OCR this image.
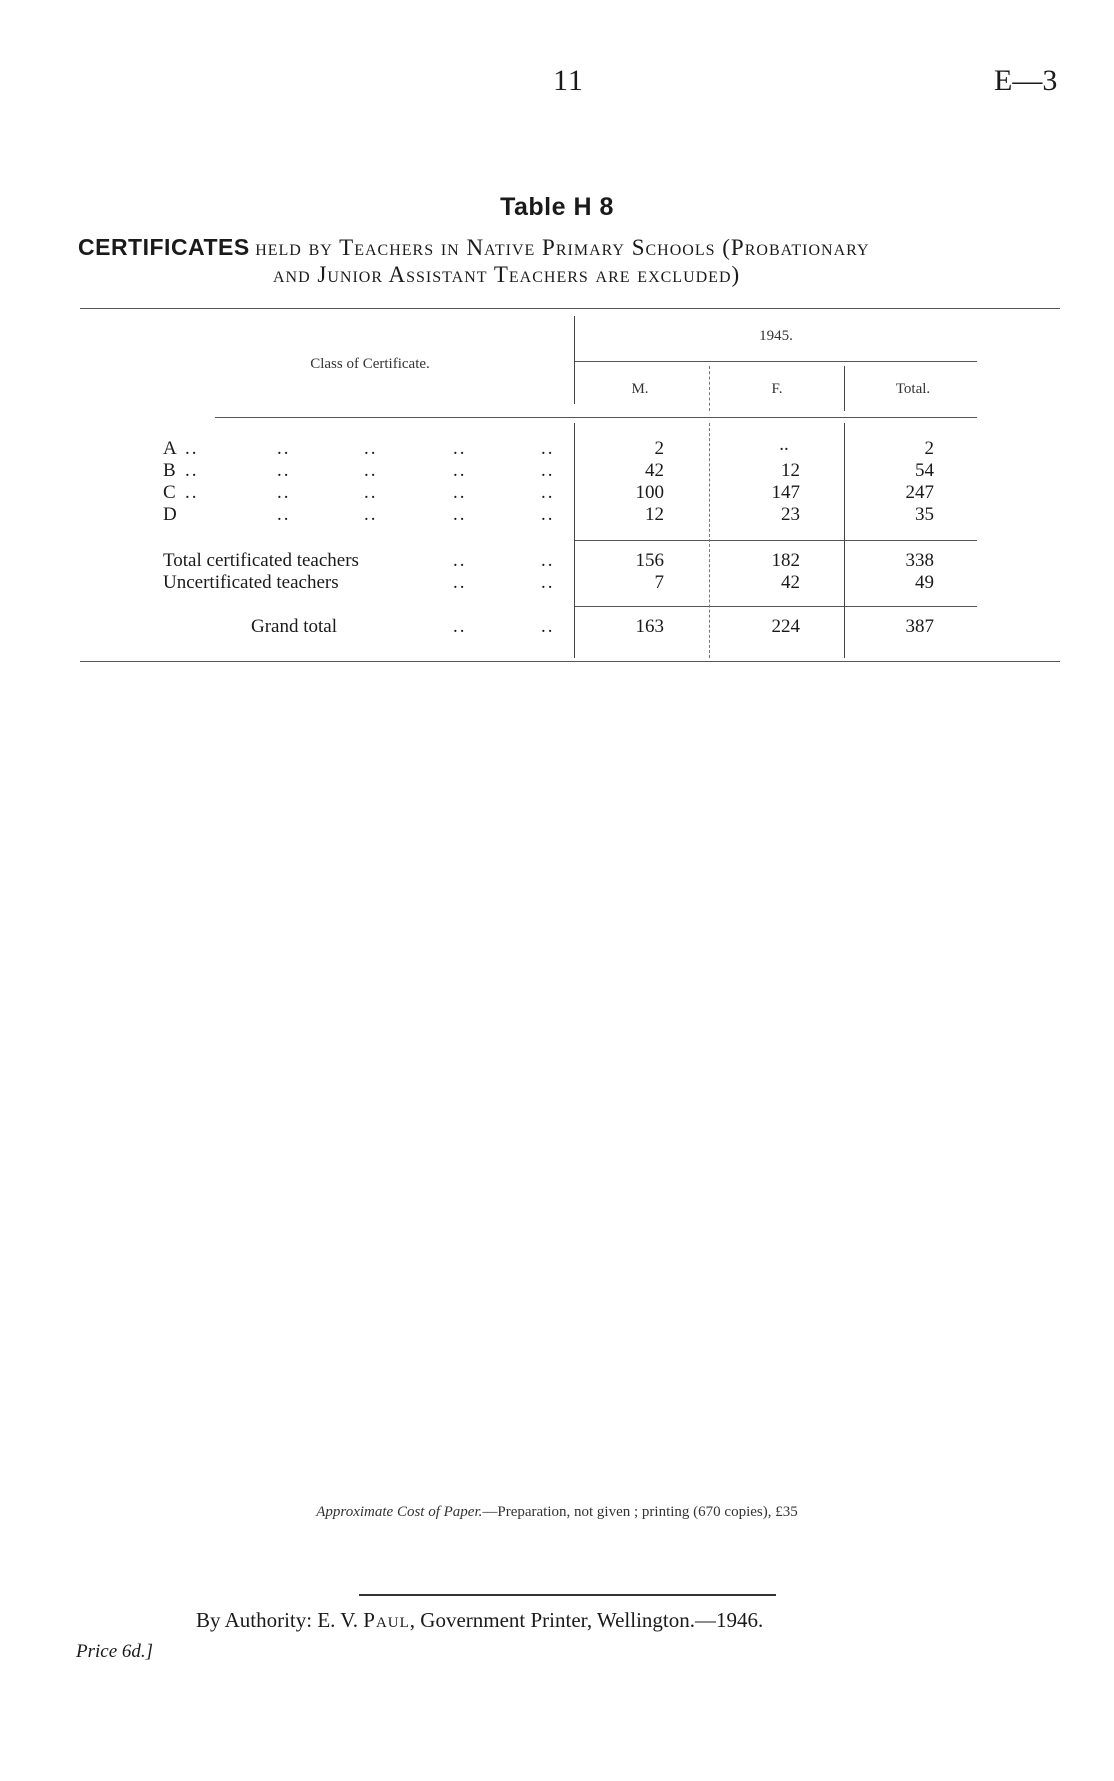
11	E—3
Table H 8
CERTIFICATES held by Teachers in Native Primary Schools (Probationary
and Junior Assistant Teachers are excluded)
Class of Certificate.
1945.
M.	F.	Total.
A ..	..	..	..	..	2	..	2
B ..	..	..	..	..	42	12	54
C ..	..	..	..	..	100	147	247
D	..	..	..	..	12	23	35
Total certificated teachers	..	..	156	182	338
Uncertificated teachers	..	..	7	42	49
Grand total	..	..	163	224	387
Approximate Cost of Paper.—Preparation, not given ; printing (670 copies), £35
By Authority: E. V. Paul, Government Printer, Wellington.—1946.
Price 6d.]
